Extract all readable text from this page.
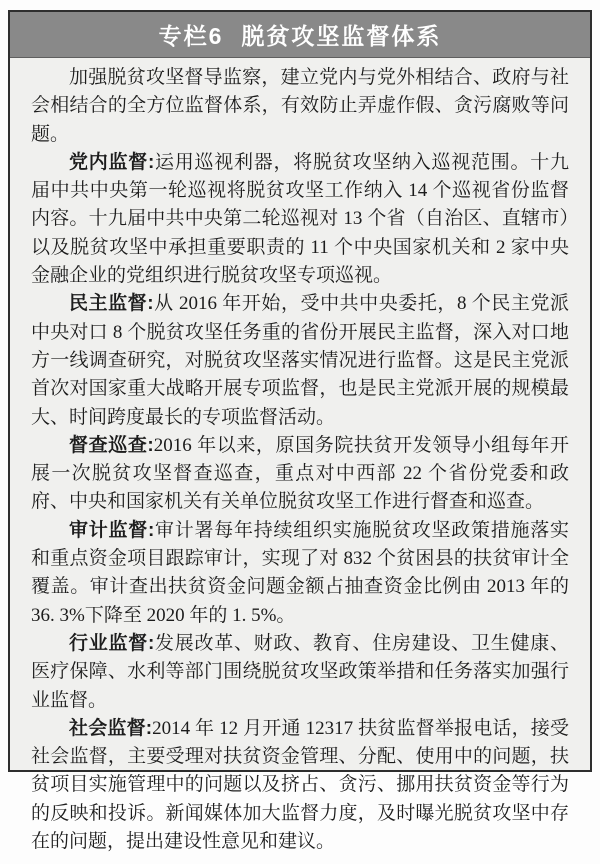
专栏6 脱贫攻坚监督体系

加强脱贫攻坚督导监察，建立党内与党外相结合、政府与社会相结合的全方位监督体系，有效防止弄虚作假、贪污腐败等问题。

党内监督:运用巡视利器，将脱贫攻坚纳入巡视范围。十九届中共中央第一轮巡视将脱贫攻坚工作纳入 14 个巡视省份监督内容。十九届中共中央第二轮巡视对 13 个省（自治区、直辖市）以及脱贫攻坚中承担重要职责的 11 个中央国家机关和 2 家中央金融企业的党组织进行脱贫攻坚专项巡视。

民主监督:从 2016 年开始，受中共中央委托，8 个民主党派中央对口 8 个脱贫攻坚任务重的省份开展民主监督，深入对口地方一线调查研究，对脱贫攻坚落实情况进行监督。这是民主党派首次对国家重大战略开展专项监督，也是民主党派开展的规模最大、时间跨度最长的专项监督活动。

督查巡查:2016 年以来，原国务院扶贫开发领导小组每年开展一次脱贫攻坚督查巡查，重点对中西部 22 个省份党委和政府、中央和国家机关有关单位脱贫攻坚工作进行督查和巡查。

审计监督:审计署每年持续组织实施脱贫攻坚政策措施落实和重点资金项目跟踪审计，实现了对 832 个贫困县的扶贫审计全覆盖。审计查出扶贫资金问题金额占抽查资金比例由 2013 年的 36. 3%下降至 2020 年的 1. 5%。

行业监督:发展改革、财政、教育、住房建设、卫生健康、医疗保障、水利等部门围绕脱贫攻坚政策举措和任务落实加强行业监督。

社会监督:2014 年 12 月开通 12317 扶贫监督举报电话，接受社会监督，主要受理对扶贫资金管理、分配、使用中的问题，扶贫项目实施管理中的问题以及挤占、贪污、挪用扶贫资金等行为的反映和投诉。新闻媒体加大监督力度，及时曝光脱贫攻坚中存在的问题，提出建设性意见和建议。
